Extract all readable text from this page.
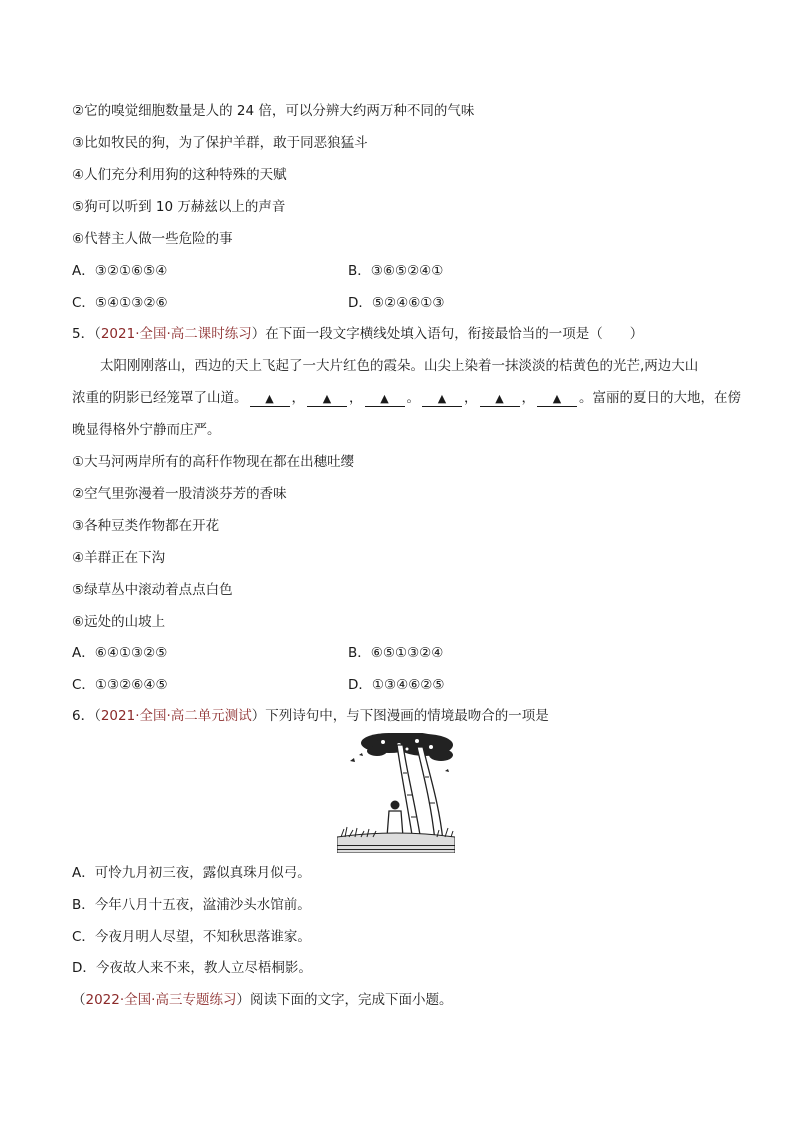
②它的嗅觉细胞数量是人的 24 倍，可以分辨大约两万种不同的气味
③比如牧民的狗，为了保护羊群，敢于同恶狼猛斗
④人们充分利用狗的这种特殊的天赋
⑤狗可以听到 10 万赫兹以上的声音
⑥代替主人做一些危险的事
A．③②①⑥⑤④	B．③⑥⑤②④①
C．⑤④①③②⑥	D．⑤②④⑥①③
5．（2021·全国·高二课时练习）在下面一段文字横线处填入语句，衔接最恰当的一项是（　　）
太阳刚刚落山，西边的天上飞起了一大片红色的霞朵。山尖上染着一抹淡淡的桔黄色的光芒,两边大山
浓重的阴影已经笼罩了山道。 ▲ ， ▲ ， ▲ 。 ▲ ， ▲ ， ▲ 。富丽的夏日的大地，在傍
晚显得格外宁静而庄严。
①大马河两岸所有的高秆作物现在都在出穗吐缨
②空气里弥漫着一股清淡芬芳的香味
③各种豆类作物都在开花
④羊群正在下沟
⑤绿草丛中滚动着点点白色
⑥远处的山坡上
A．⑥④①③②⑤	B．⑥⑤①③②④
C．①③②⑥④⑤	D．①③④⑥②⑤
6．（2021·全国·高二单元测试）下列诗句中，与下图漫画的情境最吻合的一项是
A．可怜九月初三夜，露似真珠月似弓。
B．今年八月十五夜，湓浦沙头水馆前。
C．今夜月明人尽望，不知秋思落谁家。
D．今夜故人来不来，教人立尽梧桐影。
（2022·全国·高三专题练习）阅读下面的文字，完成下面小题。
